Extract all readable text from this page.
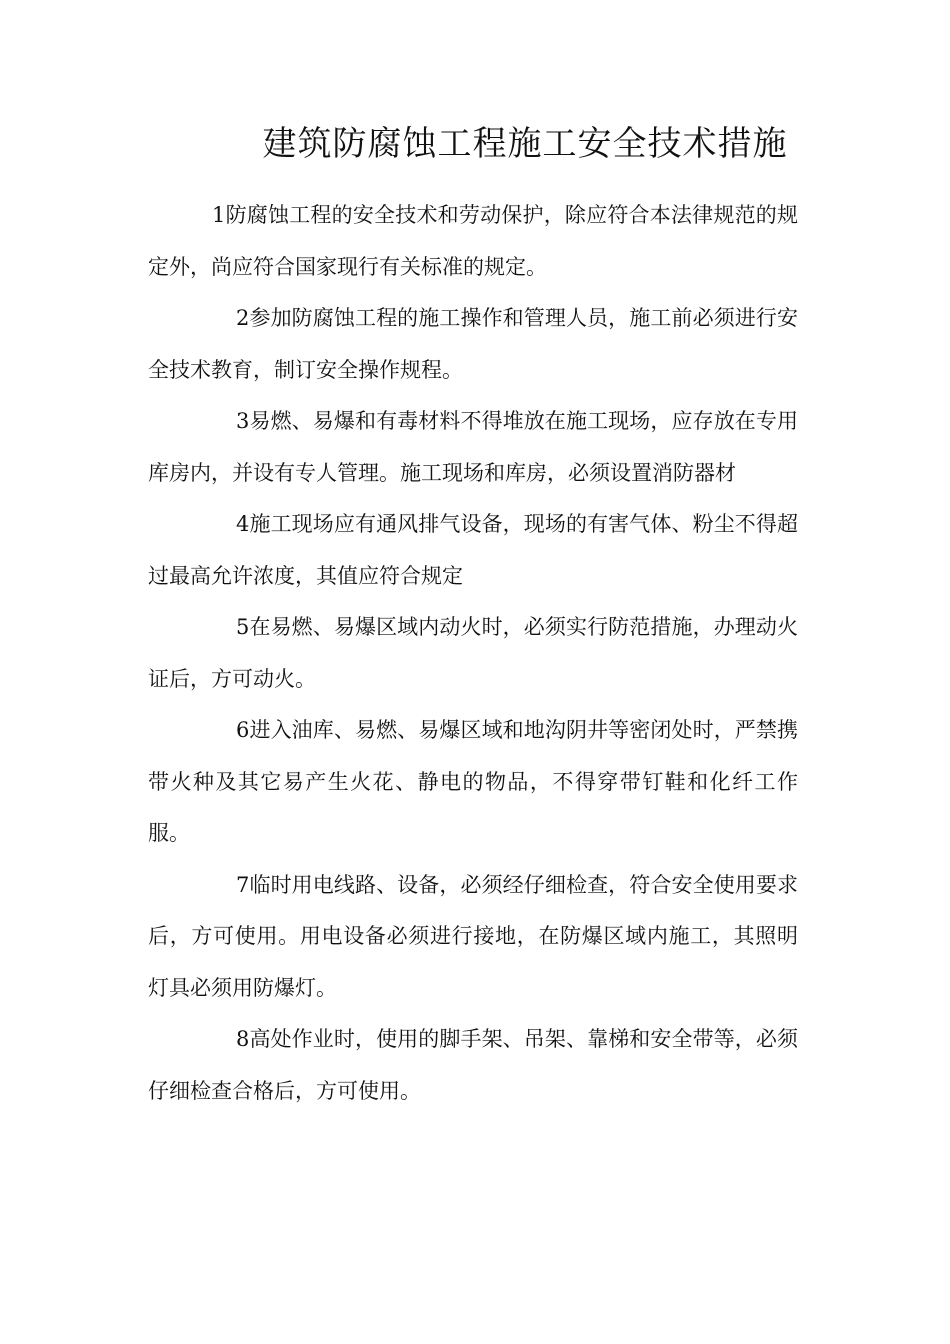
建筑防腐蚀工程施工安全技术措施

1防腐蚀工程的安全技术和劳动保护，除应符合本法律规范的规定外，尚应符合国家现行有关标准的规定。

2参加防腐蚀工程的施工操作和管理人员，施工前必须进行安全技术教育，制订安全操作规程。

3易燃、易爆和有毒材料不得堆放在施工现场，应存放在专用库房内，并设有专人管理。施工现场和库房，必须设置消防器材

4施工现场应有通风排气设备，现场的有害气体、粉尘不得超过最高允许浓度，其值应符合规定

5在易燃、易爆区域内动火时，必须实行防范措施，办理动火证后，方可动火。

6进入油库、易燃、易爆区域和地沟阴井等密闭处时，严禁携带火种及其它易产生火花、静电的物品，不得穿带钉鞋和化纤工作服。

7临时用电线路、设备，必须经仔细检查，符合安全使用要求后，方可使用。用电设备必须进行接地，在防爆区域内施工，其照明灯具必须用防爆灯。

8高处作业时，使用的脚手架、吊架、靠梯和安全带等，必须仔细检查合格后，方可使用。
